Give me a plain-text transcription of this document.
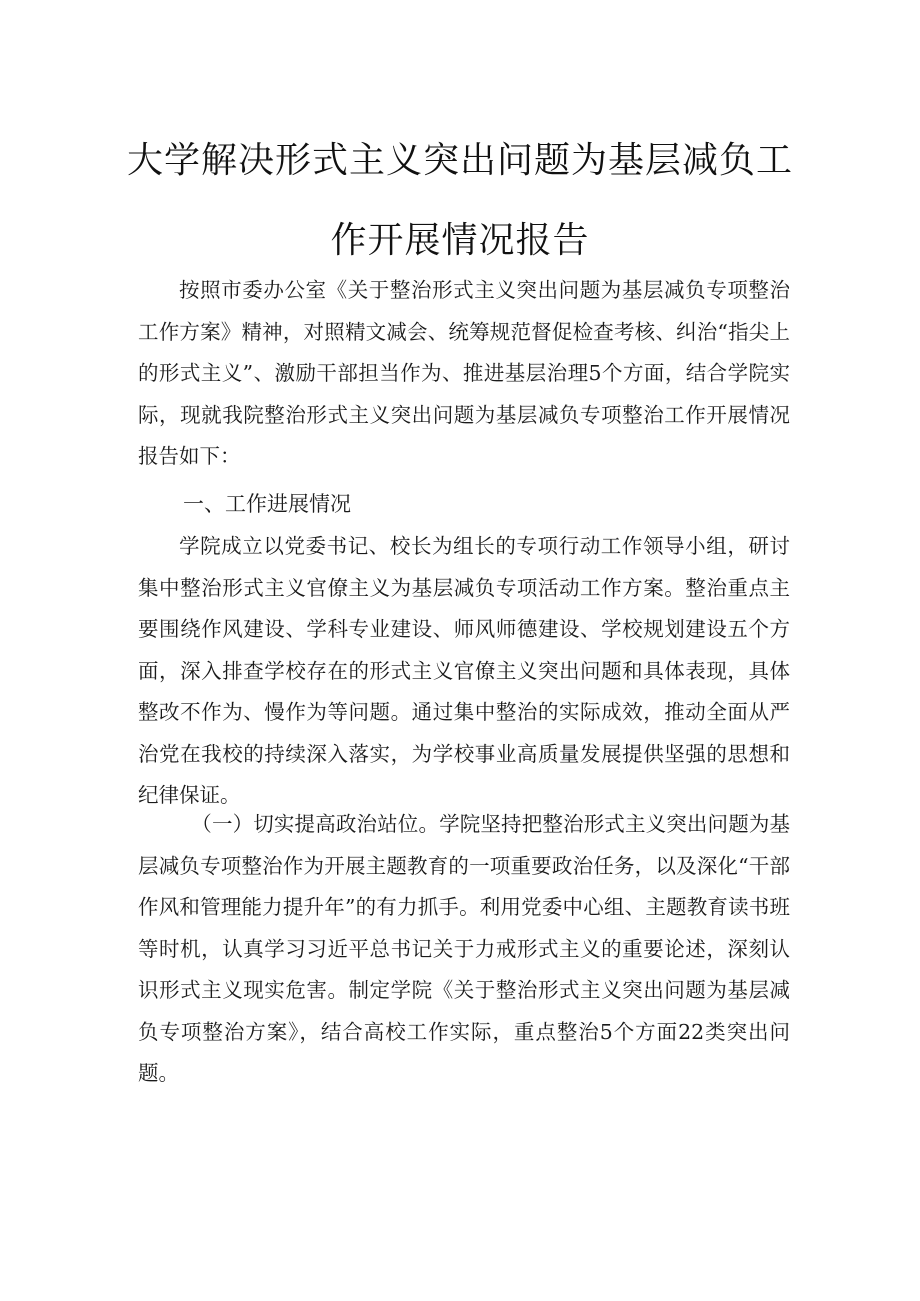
大学解决形式主义突出问题为基层减负工
作开展情况报告

按照市委办公室《关于整治形式主义突出问题为基层减负专项整治工作方案》精神，对照精文减会、统筹规范督促检查考核、纠治“指尖上的形式主义”、激励干部担当作为、推进基层治理5个方面，结合学院实际，现就我院整治形式主义突出问题为基层减负专项整治工作开展情况报告如下：

一、工作进展情况

学院成立以党委书记、校长为组长的专项行动工作领导小组，研讨集中整治形式主义官僚主义为基层减负专项活动工作方案。整治重点主要围绕作风建设、学科专业建设、师风师德建设、学校规划建设五个方面，深入排查学校存在的形式主义官僚主义突出问题和具体表现，具体整改不作为、慢作为等问题。通过集中整治的实际成效，推动全面从严治党在我校的持续深入落实，为学校事业高质量发展提供坚强的思想和纪律保证。

（一）切实提高政治站位。学院坚持把整治形式主义突出问题为基层减负专项整治作为开展主题教育的一项重要政治任务，以及深化“干部作风和管理能力提升年”的有力抓手。利用党委中心组、主题教育读书班等时机，认真学习习近平总书记关于力戒形式主义的重要论述，深刻认识形式主义现实危害。制定学院《关于整治形式主义突出问题为基层减负专项整治方案》，结合高校工作实际，重点整治5个方面22类突出问题。
